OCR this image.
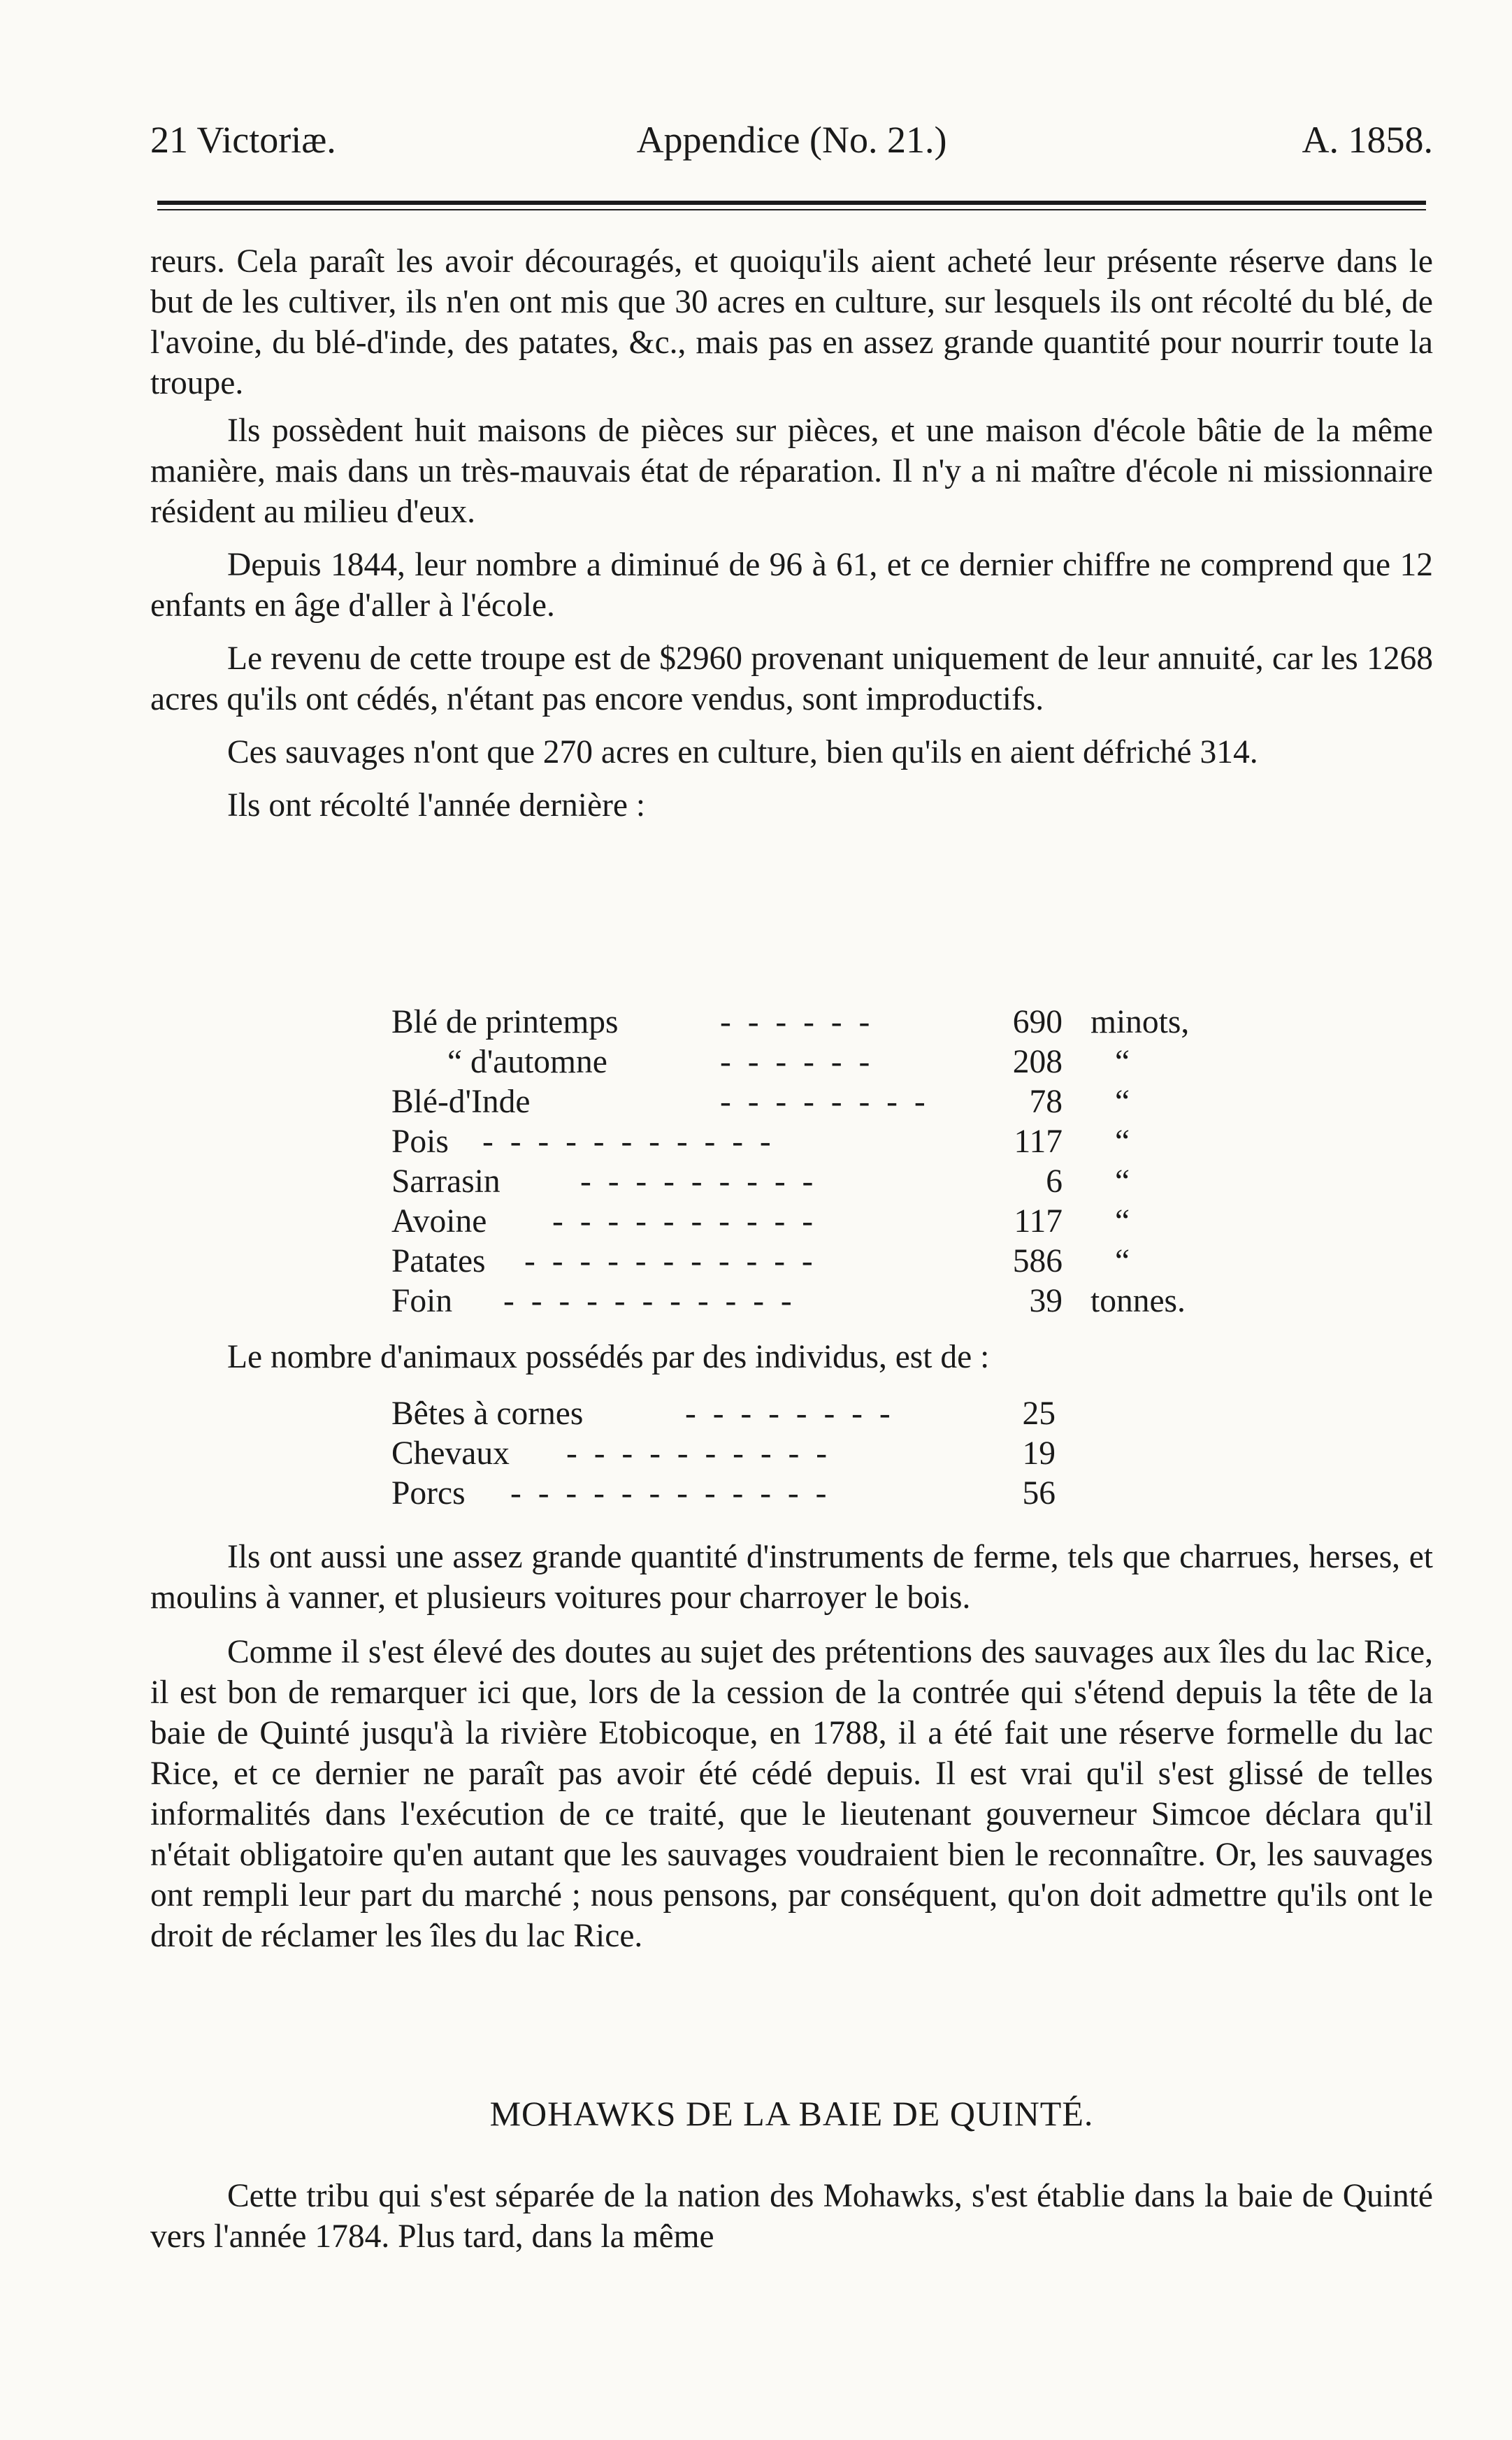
21 Victoriæ.	Appendice (No. 21.)	A. 1858.

reurs. Cela paraît les avoir découragés, et quoiqu'ils aient acheté leur présente réserve dans le but de les cultiver, ils n'en ont mis que 30 acres en culture, sur lesquels ils ont récolté du blé, de l'avoine, du blé-d'inde, des patates, &c., mais pas en assez grande quantité pour nourrir toute la troupe.

Ils possèdent huit maisons de pièces sur pièces, et une maison d'école bâtie de la même manière, mais dans un très-mauvais état de réparation. Il n'y a ni maître d'école ni missionnaire résident au milieu d'eux.

Depuis 1844, leur nombre a diminué de 96 à 61, et ce dernier chiffre ne comprend que 12 enfants en âge d'aller à l'école.

Le revenu de cette troupe est de $2960 provenant uniquement de leur annuité, car les 1268 acres qu'ils ont cédés, n'étant pas encore vendus, sont improductifs.

Ces sauvages n'ont que 270 acres en culture, bien qu'ils en aient défriché 314.

Ils ont récolté l'année dernière :

Blé de printemps	- - - - - -	690 minots,
“ d'automne	- - - - - -	208 “
Blé-d'Inde	- - - - - - - -	78 “
Pois - - - - - - - - - - -	117 “
Sarrasin - - - - - - - - -	6 “
Avoine - - - - - - - - - -	117 “
Patates - - - - - - - - - - -	586 “
Foin - - - - - - - - - - -	39 tonnes.

Le nombre d'animaux possédés par des individus, est de :

Bêtes à cornes	- - - - - - - -	25
Chevaux - - - - - - - - - -	19
Porcs - - - - - - - - - - - -	56

Ils ont aussi une assez grande quantité d'instruments de ferme, tels que charrues, herses, et moulins à vanner, et plusieurs voitures pour charroyer le bois.

Comme il s'est élevé des doutes au sujet des prétentions des sauvages aux îles du lac Rice, il est bon de remarquer ici que, lors de la cession de la contrée qui s'étend depuis la tête de la baie de Quinté jusqu'à la rivière Etobicoque, en 1788, il a été fait une réserve formelle du lac Rice, et ce dernier ne paraît pas avoir été cédé depuis. Il est vrai qu'il s'est glissé de telles informalités dans l'exécution de ce traité, que le lieutenant gouverneur Simcoe déclara qu'il n'était obligatoire qu'en autant que les sauvages voudraient bien le reconnaître. Or, les sauvages ont rempli leur part du marché ; nous pensons, par conséquent, qu'on doit admettre qu'ils ont le droit de réclamer les îles du lac Rice.

MOHAWKS DE LA BAIE DE QUINTÉ.

Cette tribu qui s'est séparée de la nation des Mohawks, s'est établie dans la baie de Quinté vers l'année 1784. Plus tard, dans la même
